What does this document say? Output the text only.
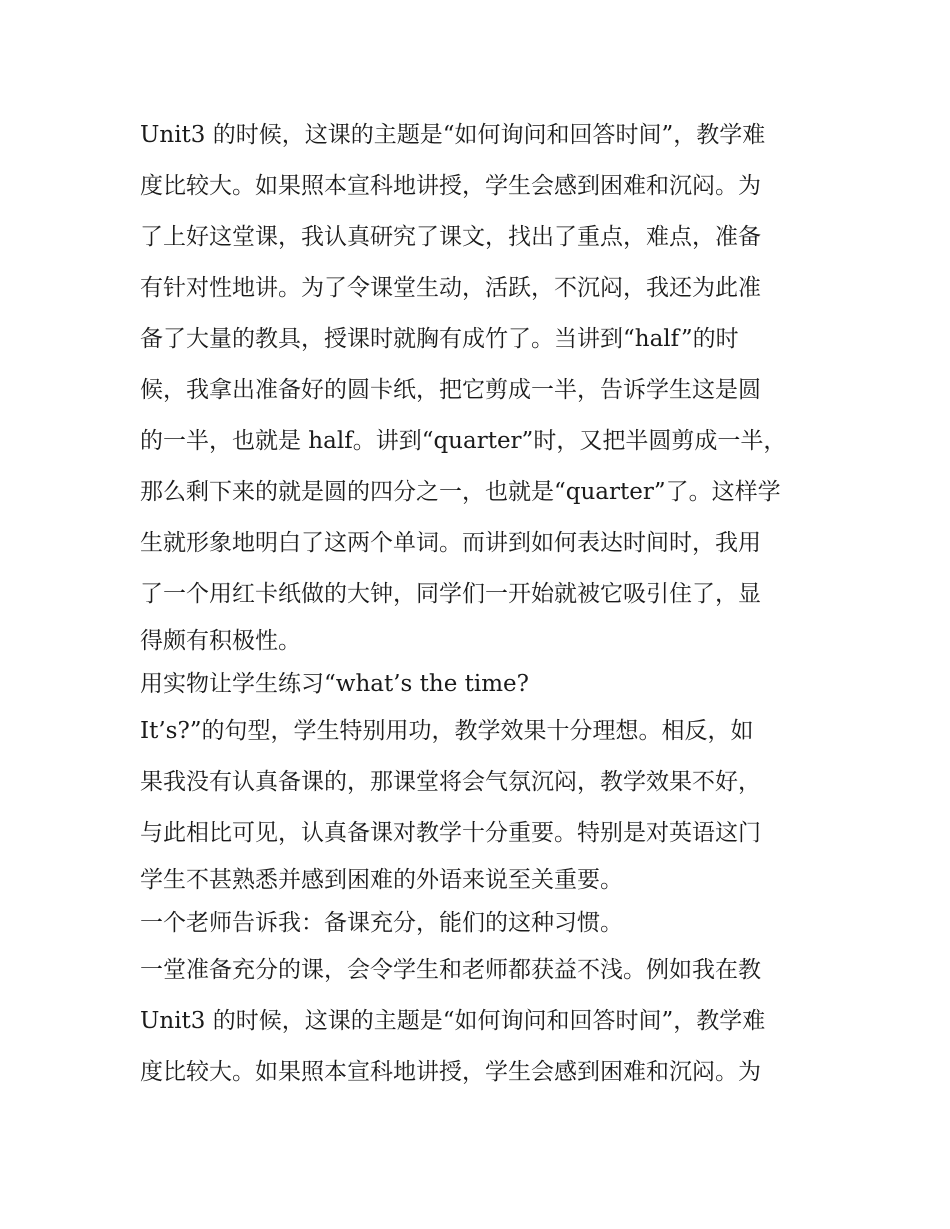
Unit3 的时候，这课的主题是“如何询问和回答时间”，教学难
度比较大。如果照本宣科地讲授，学生会感到困难和沉闷。为
了上好这堂课，我认真研究了课文，找出了重点，难点，准备
有针对性地讲。为了令课堂生动，活跃，不沉闷，我还为此准
备了大量的教具，授课时就胸有成竹了。当讲到“half”的时
候，我拿出准备好的圆卡纸，把它剪成一半，告诉学生这是圆
的一半，也就是 half。讲到“quarter”时，又把半圆剪成一半，
那么剩下来的就是圆的四分之一，也就是“quarter”了。这样学
生就形象地明白了这两个单词。而讲到如何表达时间时，我用
了一个用红卡纸做的大钟，同学们一开始就被它吸引住了，显
得颇有积极性。
用实物让学生练习“what’s the time?
It’s?”的句型，学生特别用功，教学效果十分理想。相反，如
果我没有认真备课的，那课堂将会气氛沉闷，教学效果不好，
与此相比可见，认真备课对教学十分重要。特别是对英语这门
学生不甚熟悉并感到困难的外语来说至关重要。
一个老师告诉我：备课充分，能们的这种习惯。
一堂准备充分的课，会令学生和老师都获益不浅。例如我在教
Unit3 的时候，这课的主题是“如何询问和回答时间”，教学难
度比较大。如果照本宣科地讲授，学生会感到困难和沉闷。为
